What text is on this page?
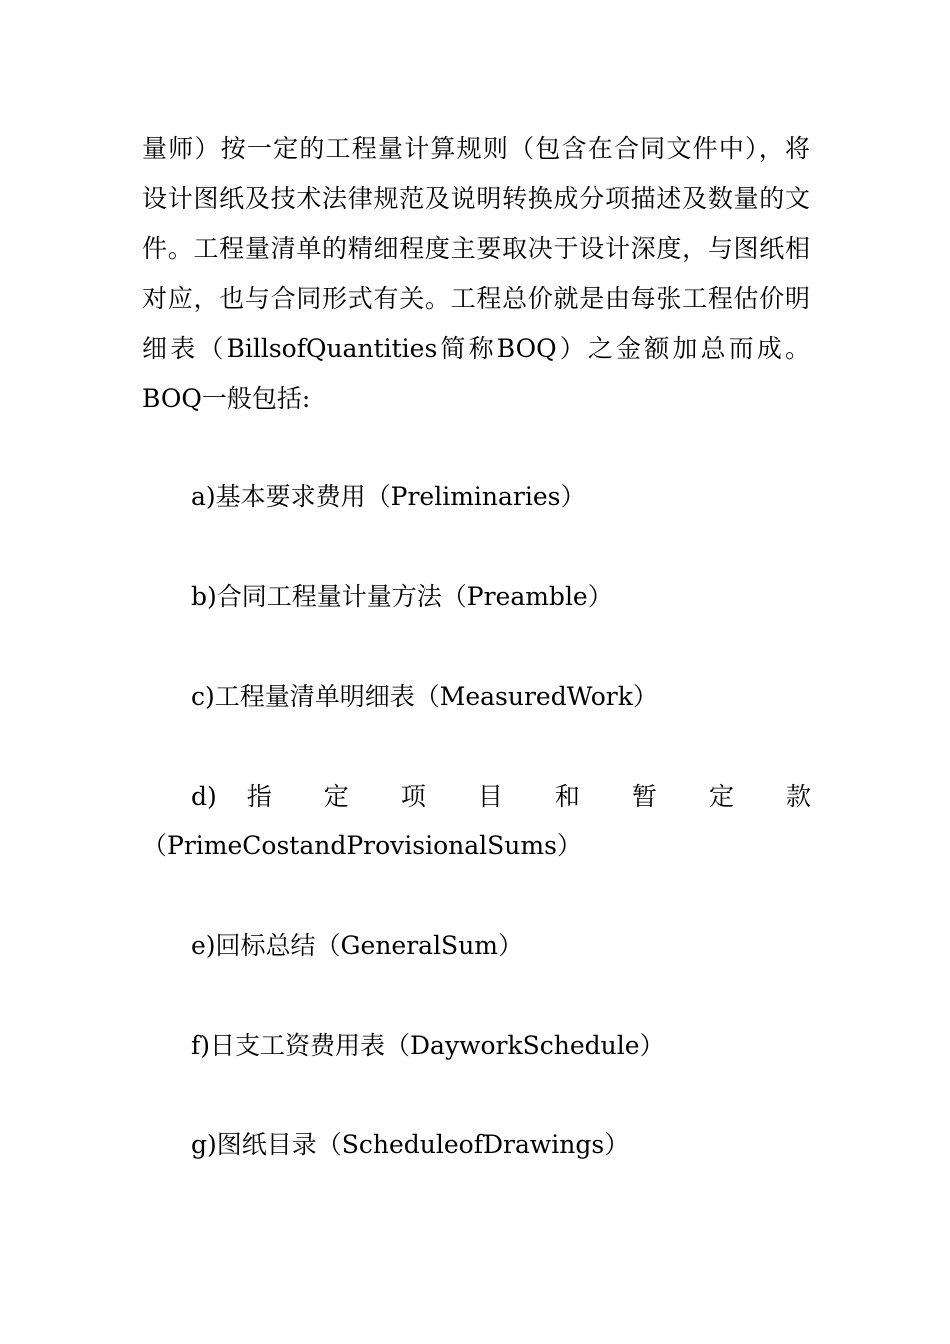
量师）按一定的工程量计算规则（包含在合同文件中），将
设计图纸及技术法律规范及说明转换成分项描述及数量的文
件。工程量清单的精细程度主要取决于设计深度，与图纸相
对应，也与合同形式有关。工程总价就是由每张工程估价明
细表（BillsofQuantities简称BOQ）之金额加总而成。
BOQ一般包括:
a)基本要求费用（Preliminaries）
b)合同工程量计量方法（Preamble）
c)工程量清单明细表（MeasuredWork）
d) 指 定 项 目 和 暂 定 款
（PrimeCostandProvisionalSums）
e)回标总结（GeneralSum）
f)日支工资费用表（DayworkSchedule）
g)图纸目录（ScheduleofDrawings）
